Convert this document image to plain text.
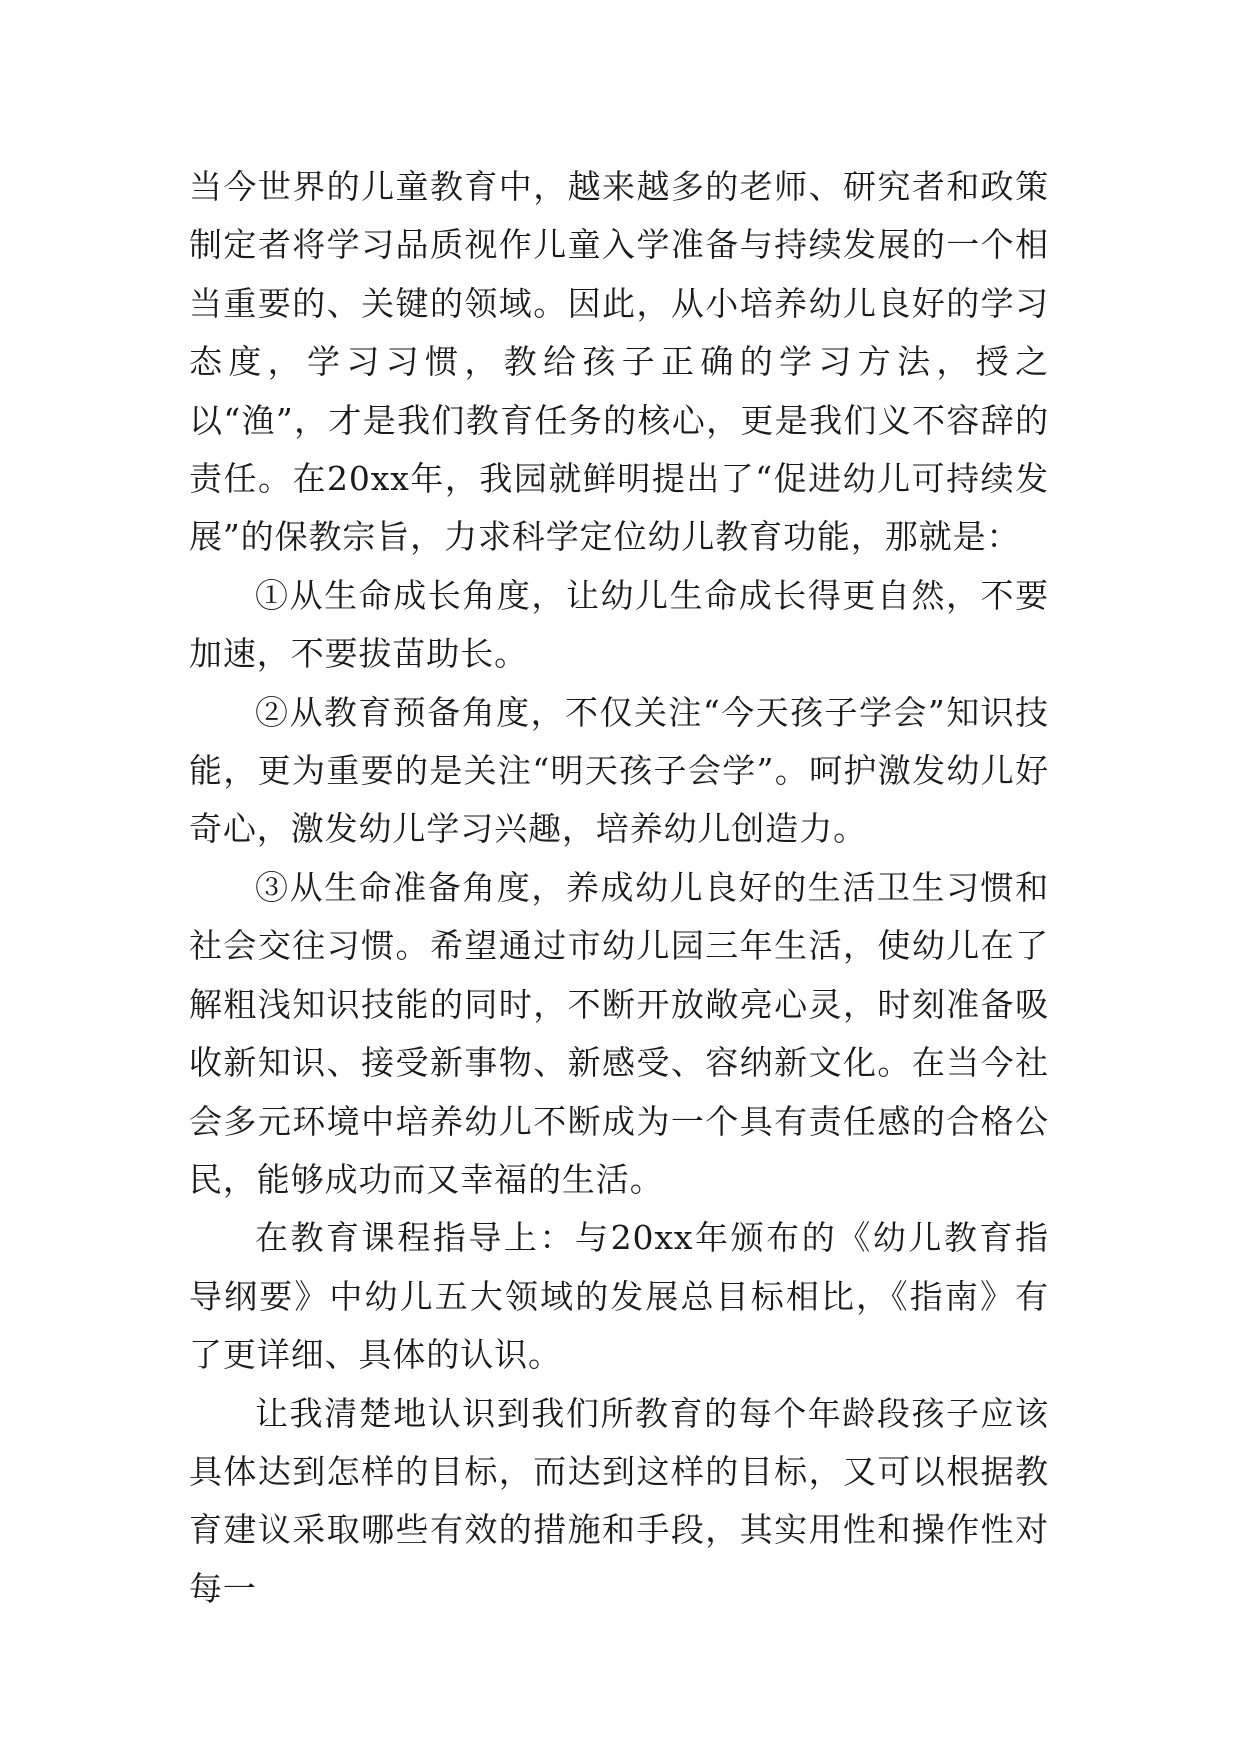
当今世界的儿童教育中，越来越多的老师、研究者和政策制定者将学习品质视作儿童入学准备与持续发展的一个相当重要的、关键的领域。因此，从小培养幼儿良好的学习态度，学习习惯，教给孩子正确的学习方法，授之以“渔”，才是我们教育任务的核心，更是我们义不容辞的责任。在20xx年，我园就鲜明提出了“促进幼儿可持续发展”的保教宗旨，力求科学定位幼儿教育功能，那就是：

①从生命成长角度，让幼儿生命成长得更自然，不要加速，不要拔苗助长。

②从教育预备角度，不仅关注“今天孩子学会”知识技能，更为重要的是关注“明天孩子会学”。呵护激发幼儿好奇心，激发幼儿学习兴趣，培养幼儿创造力。

③从生命准备角度，养成幼儿良好的生活卫生习惯和社会交往习惯。希望通过市幼儿园三年生活，使幼儿在了解粗浅知识技能的同时，不断开放敞亮心灵，时刻准备吸收新知识、接受新事物、新感受、容纳新文化。在当今社会多元环境中培养幼儿不断成为一个具有责任感的合格公民，能够成功而又幸福的生活。

在教育课程指导上：与20xx年颁布的《幼儿教育指导纲要》中幼儿五大领域的发展总目标相比，《指南》有了更详细、具体的认识。

让我清楚地认识到我们所教育的每个年龄段孩子应该具体达到怎样的目标，而达到这样的目标，又可以根据教育建议采取哪些有效的措施和手段，其实用性和操作性对每一
